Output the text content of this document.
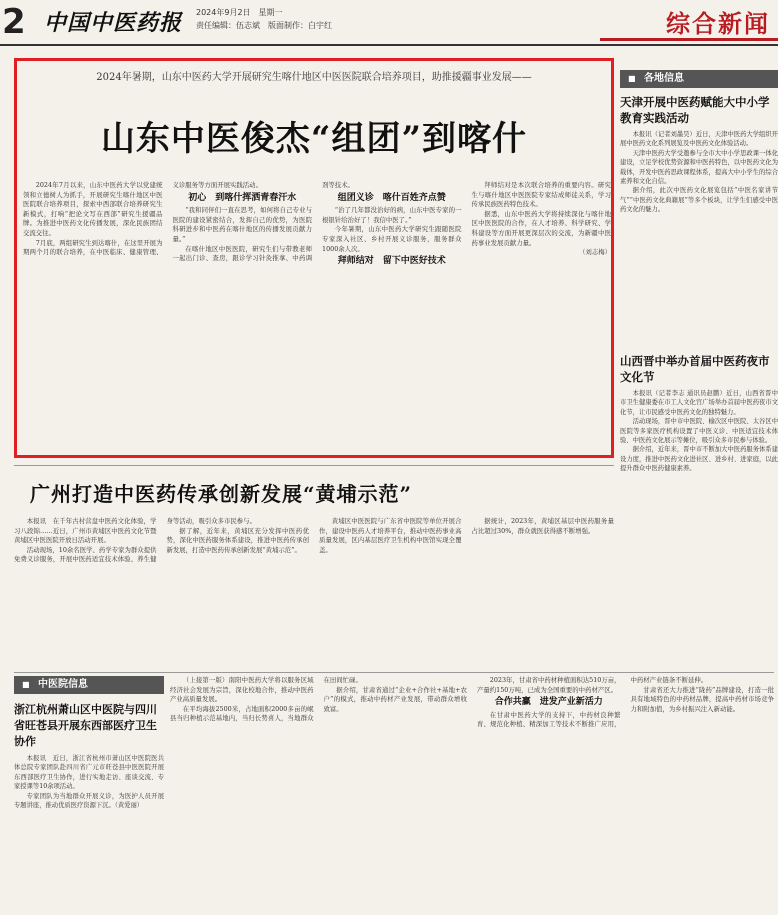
2 中国中医药报 2024年9月2日　星期一
责任编辑：伍志斌　版面制作：白宇红	综合新闻
2024年暑期，山东中医药大学开展研究生喀什地区中医医院联合培养项目，助推援疆事业发展——
山东中医俊杰“组团”到喀什

2024年7月以来，山东中医药大学以党建统领和立德树人为抓手，开展研究生喀什地区中医医院联合培养项目，探索中西部联合培养研究生新模式，打响“把论文写在西部”研究生援疆品牌。为推进中医药文化传播发展，深化民族团结交流交往。

7月底，两组研究生到达喀什，在这里开展为期两个月的联合培养，在中医临床、健康管理、义诊服务等方面开展实践活动。

初心　到喀什挥洒青春汗水

“我和同伴们一直在思考，如何将自己专业与医院的建设紧密结合，发挥自己的优势，为医院科研进步和中医药在喀什地区的传播发展贡献力量。”

在喀什地区中医医院，研究生们与带教老师一起出门诊、查房，跟诊学习针灸推拿、中药调剂等技术。

组团义诊　喀什百姓齐点赞

“治了几年都没治好的病，山东中医专家的一根银针给治好了！我信中医了。”

今年暑期，山东中医药大学研究生跟随医院专家深入社区、乡村开展义诊服务，服务群众1000余人次。

拜师结对　留下中医好技术

拜师结对是本次联合培养的重要内容。研究生与喀什地区中医医院专家结成师徒关系，学习传承民族医药特色技术。

据悉，山东中医药大学将持续深化与喀什地区中医医院的合作，在人才培养、科学研究、学科建设等方面开展更深层次的交流，为新疆中医药事业发展贡献力量。

（刘志梅）

■ 各地信息
天津开展中医药赋能大中小学教育实践活动

本报讯（记者刘墨昊）近日，天津中医药大学组织开展中医药文化系列展览及中医药文化体验活动。

天津中医药大学受邀参与全市大中小学思政课一体化建设，立足学校优势资源和中医药特色，以中医药文化为载体，开发中医药思政课程体系，提高大中小学生的综合素养和文化自信。

据介绍，此次中医药文化展览包括“中医名家讲节气”“中医药文化典籍展”等多个板块，让学生们感受中医药文化的魅力。

山西晋中举办首届中医药夜市文化节

本报讯（记者李志 通讯员赵鹏）近日，山西省晋中市卫生健康委在市工人文化宫广场举办首届中医药夜市文化节，让市民感受中医药文化的独特魅力。

活动现场，晋中市中医院、榆次区中医院、太谷区中医院等多家医疗机构设置了中医义诊、中医适宜技术体验、中医药文化展示等摊位，吸引众多市民参与体验。

据介绍，近年来，晋中市不断加大中医药服务体系建设力度，推进中医药文化进社区、进乡村、进家庭，以此提升群众中医药健康素养。

广州打造中医药传承创新发展“黄埔示范”

本报讯　在千年古村营盘中医药文化体验，学习八段锦……近日，广州市黄埔区中医药文化节暨黄埔区中医医院开放日活动开展。

活动现场，10余名医学、药学专家为群众提供免费义诊服务，开展中医药适宜技术体验、养生健身等活动，吸引众多市民参与。

据了解，近年来，黄埔区充分发挥中医药优势，深化中医药服务体系建设，推进中医药传承创新发展，打造中医药传承创新发展“黄埔示范”。

黄埔区中医医院与广东省中医院等单位开展合作，建设中医药人才培养平台，推动中医药事业高质量发展，区内基层医疗卫生机构中医馆实现全覆盖。

据统计，2023年，黄埔区基层中医药服务量占比超过30%，群众就医获得感不断增强。

■ 中医院信息
浙江杭州萧山区中医院与四川省旺苍县开展东西部医疗卫生协作

本报讯　近日，浙江省杭州市萧山区中医院医共体总院专家团队赴四川省广元市旺苍县中医医院开展东西部医疗卫生协作，进行实地走访、座谈交流、专家授课等10余项活动。

专家团队为当地群众开展义诊，为医护人员开展专题讲座，推动优质医疗资源下沉。（黄爱丽）

（上接第一版）南阳中医药大学将以服务区域经济社会发展为宗旨，深化校地合作，推动中医药产业高质量发展。

在平均海拔2500米，占地面积2000多亩的岷县当归种植示范基地内，当归长势喜人，当地群众在田间忙碌。

据介绍，甘肃省通过“企业+合作社+基地+农户”的模式，推动中药材产业发展，带动群众增收致富。

2023年，甘肃省中药材种植面积达510万亩，产量约150万吨，已成为全国重要的中药材产区。

合作共赢　进发产业新活力

在甘肃中医药大学的支持下，中药材良种繁育、规范化种植、精深加工等技术不断推广应用，中药材产业链条不断延伸。

甘肃省还大力推进“陇药”品牌建设，打造一批具有地域特色的中药材品牌，提高中药材市场竞争力和附加值，为乡村振兴注入新动能。
